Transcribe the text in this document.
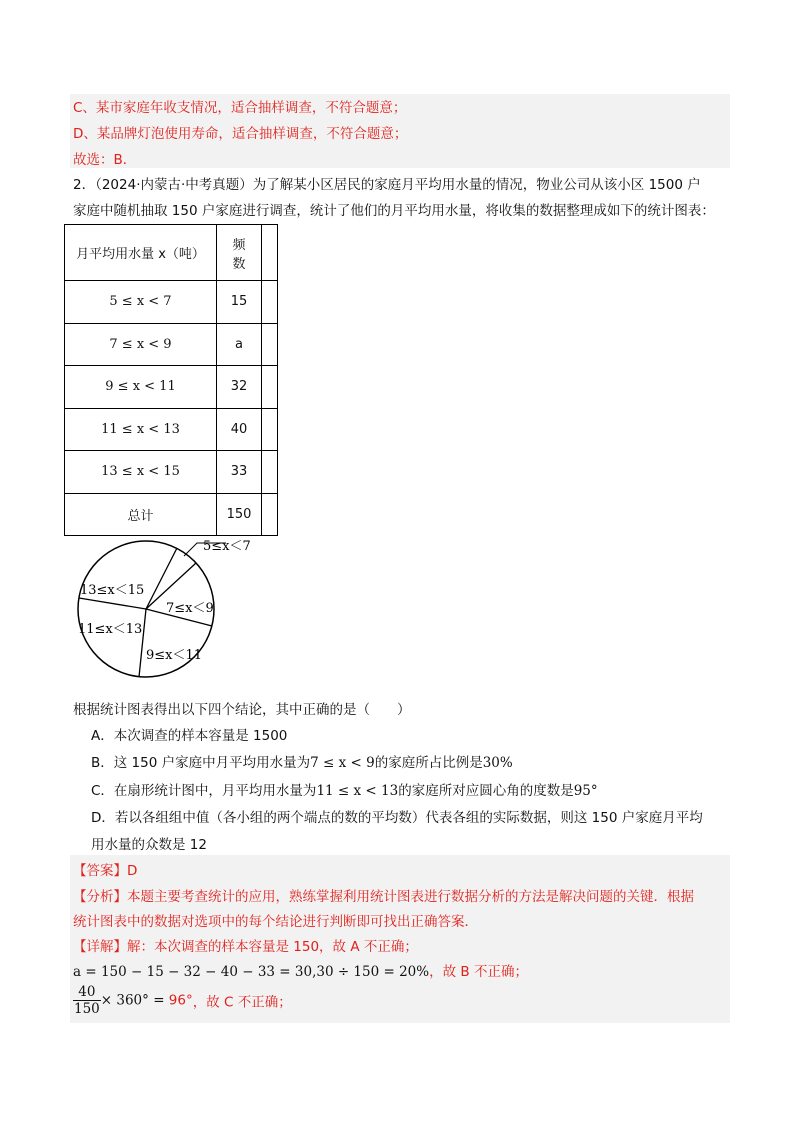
C、某市家庭年收支情况，适合抽样调查，不符合题意；
D、某品牌灯泡使用寿命，适合抽样调查，不符合题意；
故选：B．
2．（2024·内蒙古·中考真题）为了解某小区居民的家庭月平均用水量的情况，物业公司从该小区 1500 户
家庭中随机抽取 150 户家庭进行调查，统计了他们的月平均用水量，将收集的数据整理成如下的统计图表：
月平均用水量 x（吨）	频
数	
5 ≤ x < 7	15	
7 ≤ x < 9	a	
9 ≤ x < 11	32	
11 ≤ x < 13	40	
13 ≤ x < 15	33	
总计	150	
5≤x＜7
13≤x＜15
7≤x＜9
11≤x＜13
9≤x＜11
根据统计图表得出以下四个结论，其中正确的是（　　）
A．本次调查的样本容量是 1500
B．这 150 户家庭中月平均用水量为7 ≤ x < 9的家庭所占比例是30%
C．在扇形统计图中，月平均用水量为11 ≤ x < 13的家庭所对应圆心角的度数是95°
D．若以各组组中值（各小组的两个端点的数的平均数）代表各组的实际数据，则这 150 户家庭月平均
用水量的众数是 12
【答案】D
【分析】本题主要考查统计的应用，熟练掌握利用统计图表进行数据分析的方法是解决问题的关键．根据
统计图表中的数据对选项中的每个结论进行判断即可找出正确答案．
【详解】解：本次调查的样本容量是 150，故 A 不正确；
a = 150 − 15 − 32 − 40 − 33 = 30,30 ÷ 150 = 20%，故 B 不正确；
$\frac{40}{150} \times 360^\circ = 96^\circ$，故 C 不正确；
